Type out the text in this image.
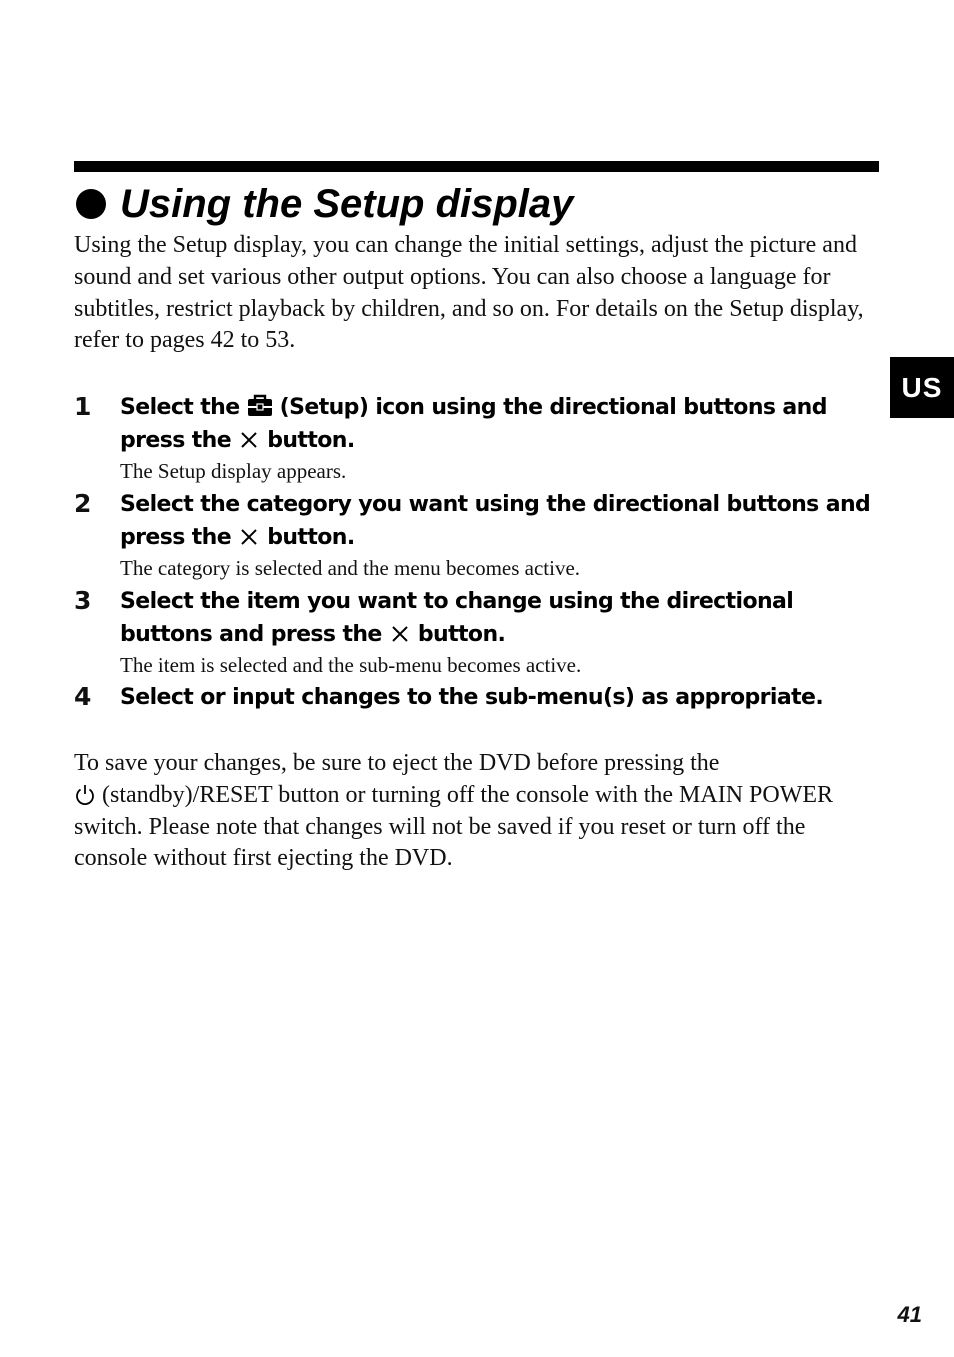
Using the Setup display

Using the Setup display, you can change the initial settings, adjust the picture and sound and set various other output options. You can also choose a language for subtitles, restrict playback by children, and so on. For details on the Setup display, refer to pages 42 to 53.

US
1 Select the (Setup) icon using the directional buttons and press the button.

The Setup display appears.

2 Select the category you want using the directional buttons and press the button.

The category is selected and the menu becomes active.

3 Select the item you want to change using the directional buttons and press the button.

The item is selected and the sub-menu becomes active.

4 Select or input changes to the sub-menu(s) as appropriate.

To save your changes, be sure to eject the DVD before pressing the
(standby)/RESET button or turning off the console with the MAIN POWER switch. Please note that changes will not be saved if you reset or turn off the console without first ejecting the DVD.

41
